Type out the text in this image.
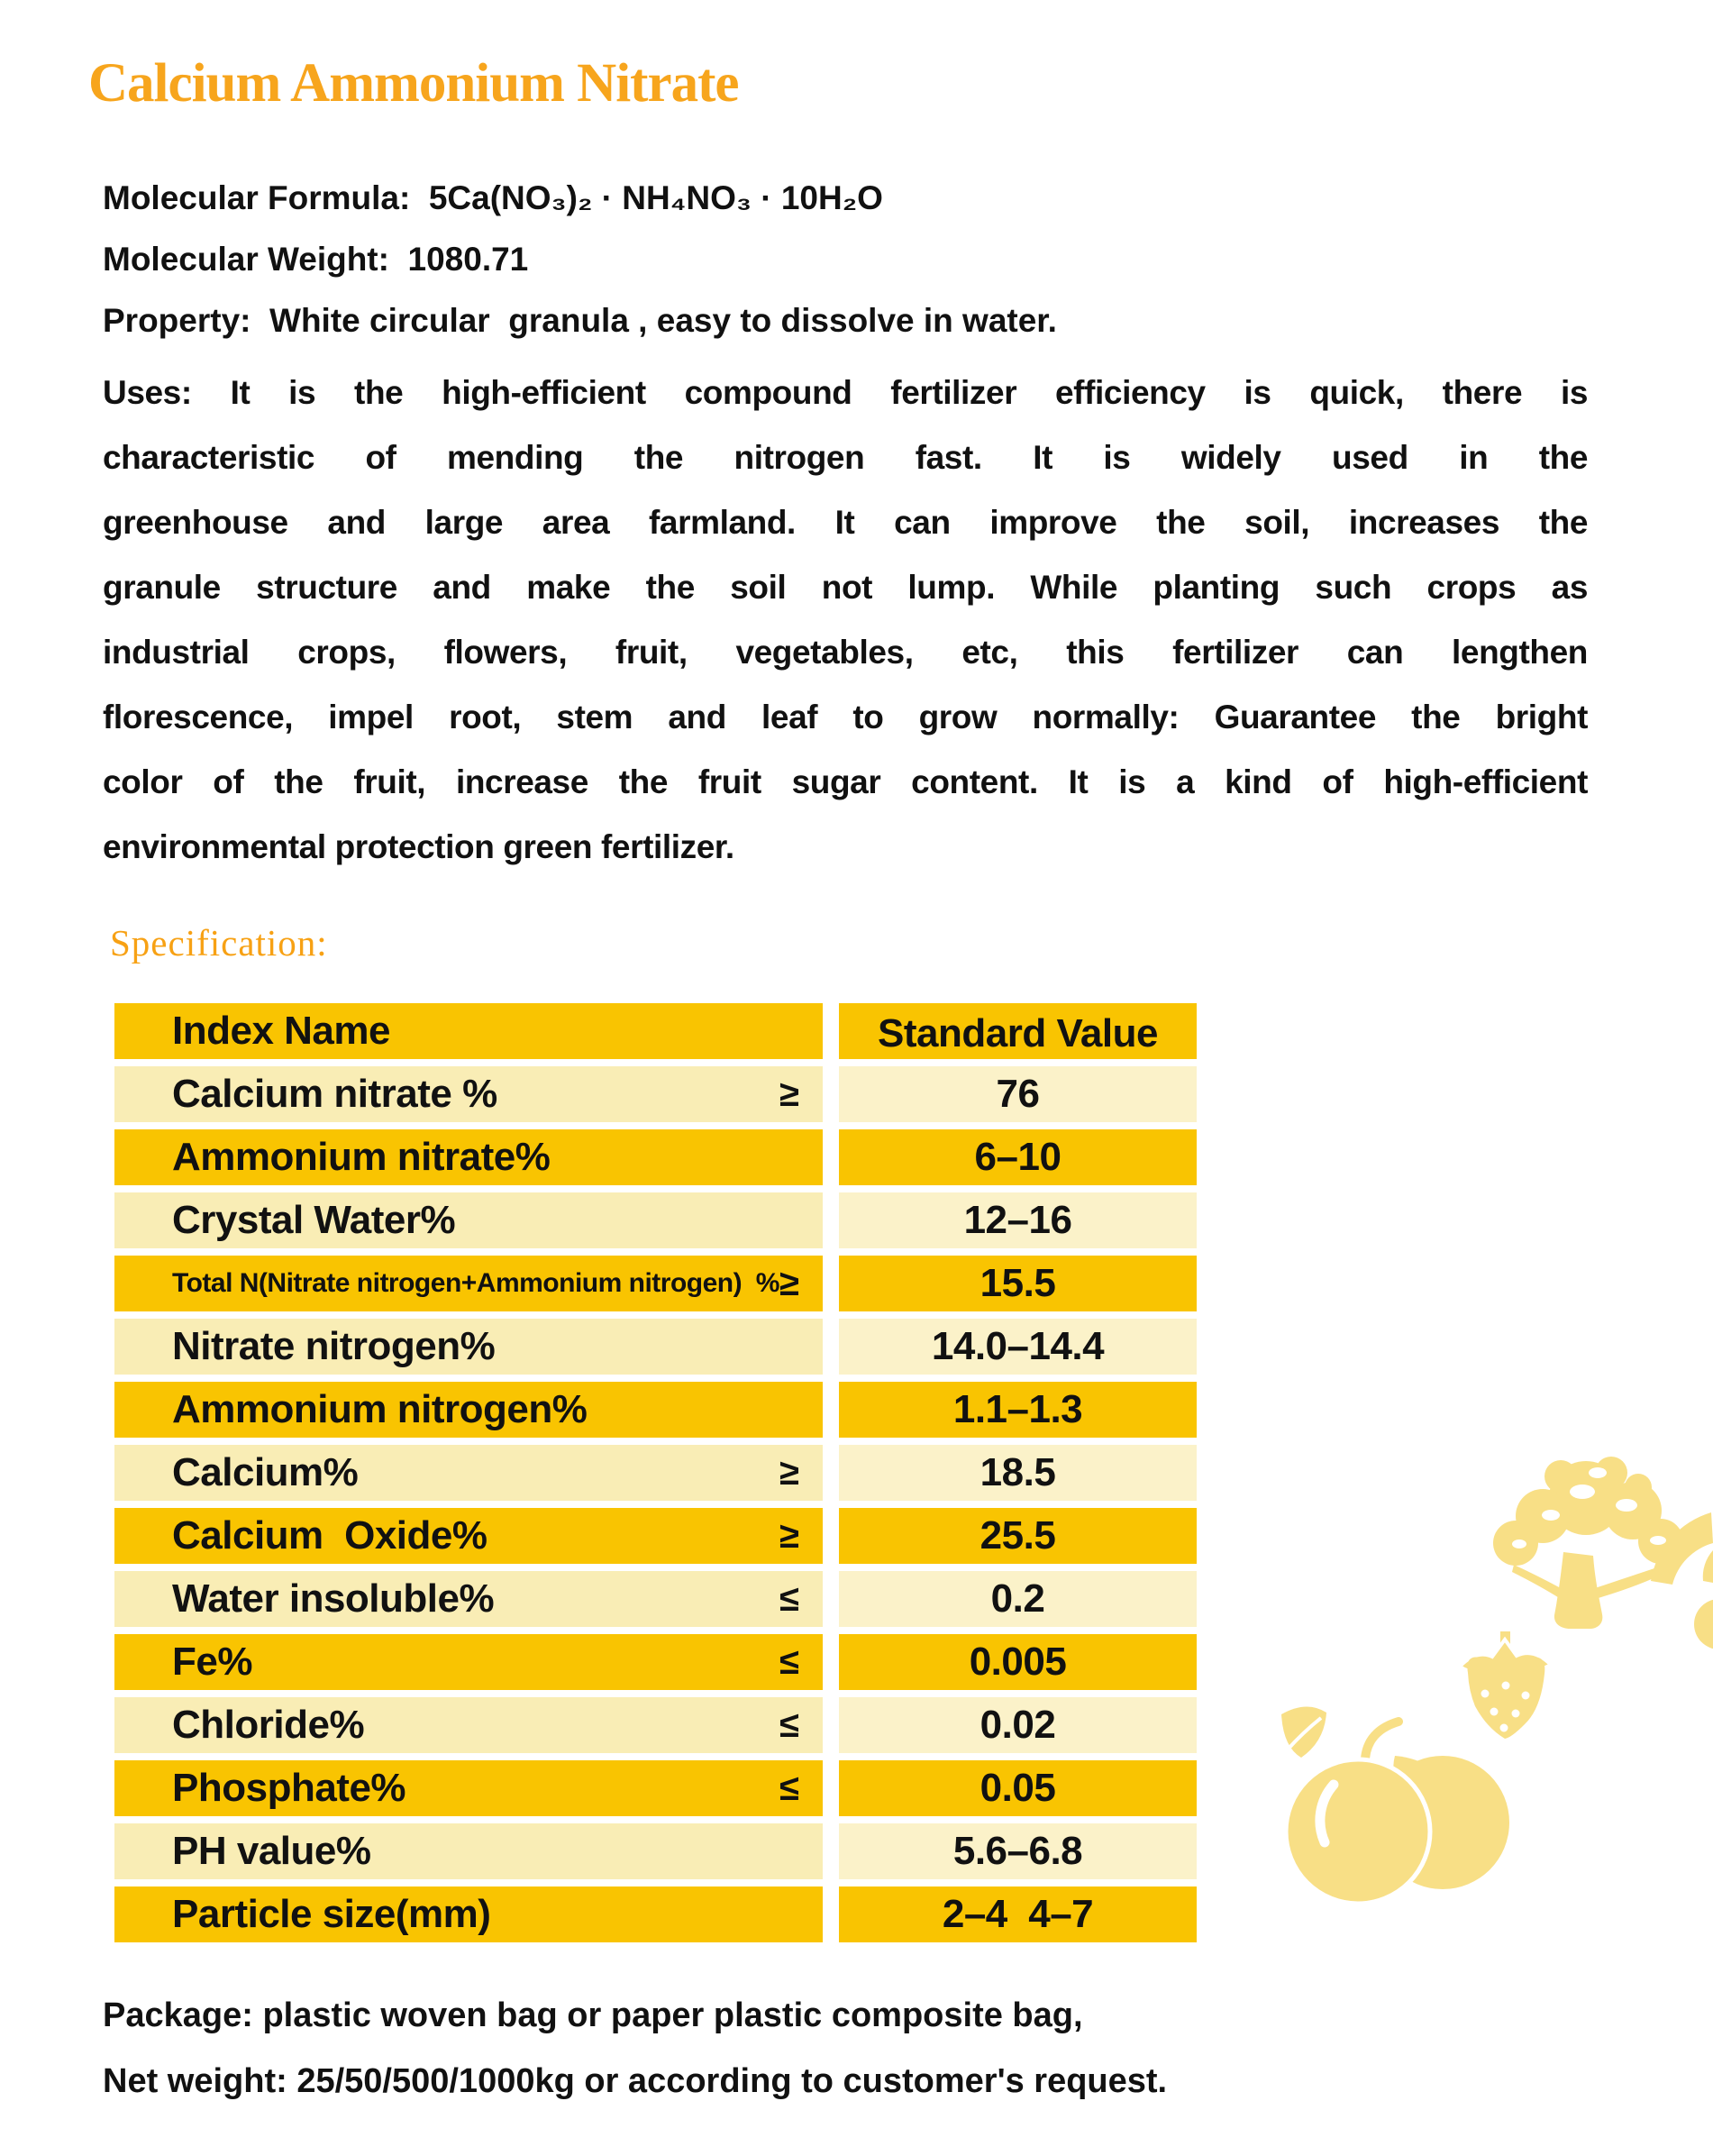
Calcium Ammonium Nitrate
Molecular Formula:  5Ca(NO₃)₂ · NH₄NO₃ · 10H₂O
Molecular Weight:  1080.71
Property:  White circular  granula , easy to dissolve in water.
Uses: It is the high-efficient compound fertilizer efficiency is quick, there is
characteristic of mending the nitrogen fast. It is widely used in the
greenhouse and large area farmland. It can improve the soil, increases the
granule structure and make the soil not lump. While planting such crops as
industrial crops, flowers, fruit, vegetables, etc, this fertilizer can lengthen
florescence, impel root, stem and leaf to grow normally: Guarantee the bright
color of the fruit, increase the fruit sugar content. It is a kind of high-efficient
environmental protection green fertilizer.
Specification:
Index Name	Standard Value
Calcium nitrate %	≥	76
Ammonium nitrate%	6–10
Crystal Water%	12–16
Total N(Nitrate nitrogen+Ammonium nitrogen)  % ≥	15.5
Nitrate nitrogen%	14.0–14.4
Ammonium nitrogen%	1.1–1.3
Calcium%	≥	18.5
Calcium  Oxide%	≥	25.5
Water insoluble%	≤	0.2
Fe%	≤	0.005
Chloride%	≤	0.02
Phosphate%	≤	0.05
PH value%	5.6–6.8
Particle size(mm)	2–4  4–7
Package: plastic woven bag or paper plastic composite bag,
Net weight: 25/50/500/1000kg or according to customer's request.
